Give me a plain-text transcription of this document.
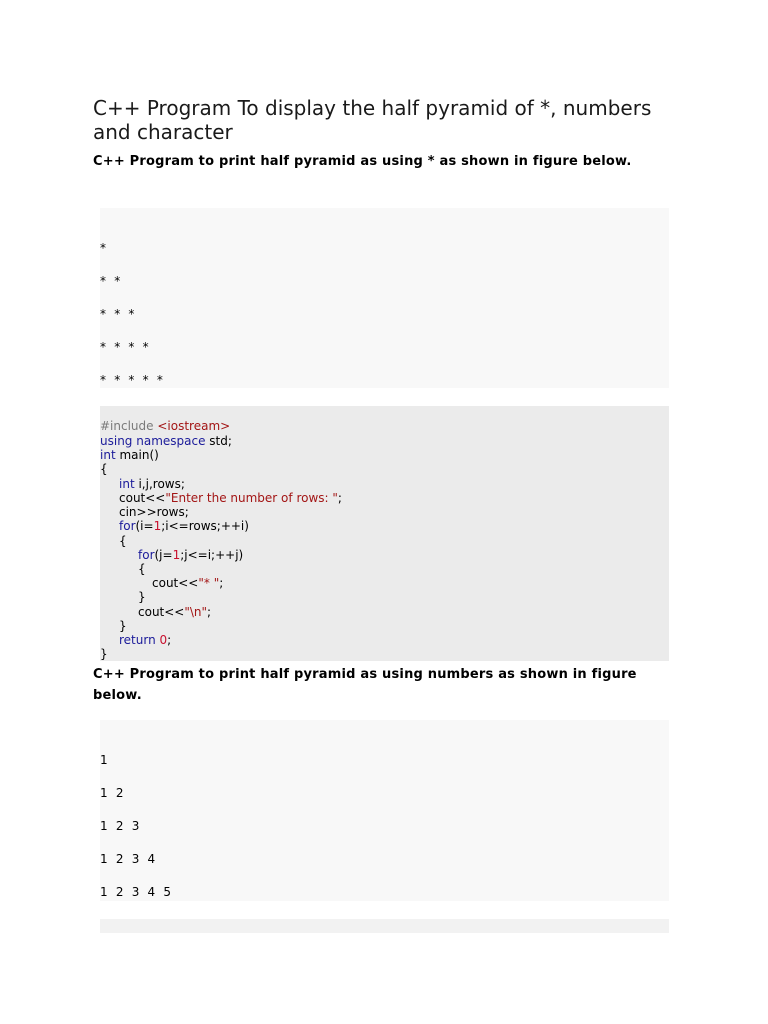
C++ Program To display the half pyramid of *, numbers and character

C++ Program to print half pyramid as using * as shown in figure below.

*
* *
* * *
* * * *
* * * * *
#include <iostream>
using namespace std;
int main()
{
int i,j,rows;
cout<<"Enter the number of rows: ";
cin>>rows;
for(i=1;i<=rows;++i)
{
for(j=1;j<=i;++j)
{
cout<<"* ";
}
cout<<"\n";
}
return 0;
}

C++ Program to print half pyramid as using numbers as shown in figure below.

1
1 2
1 2 3
1 2 3 4
1 2 3 4 5
